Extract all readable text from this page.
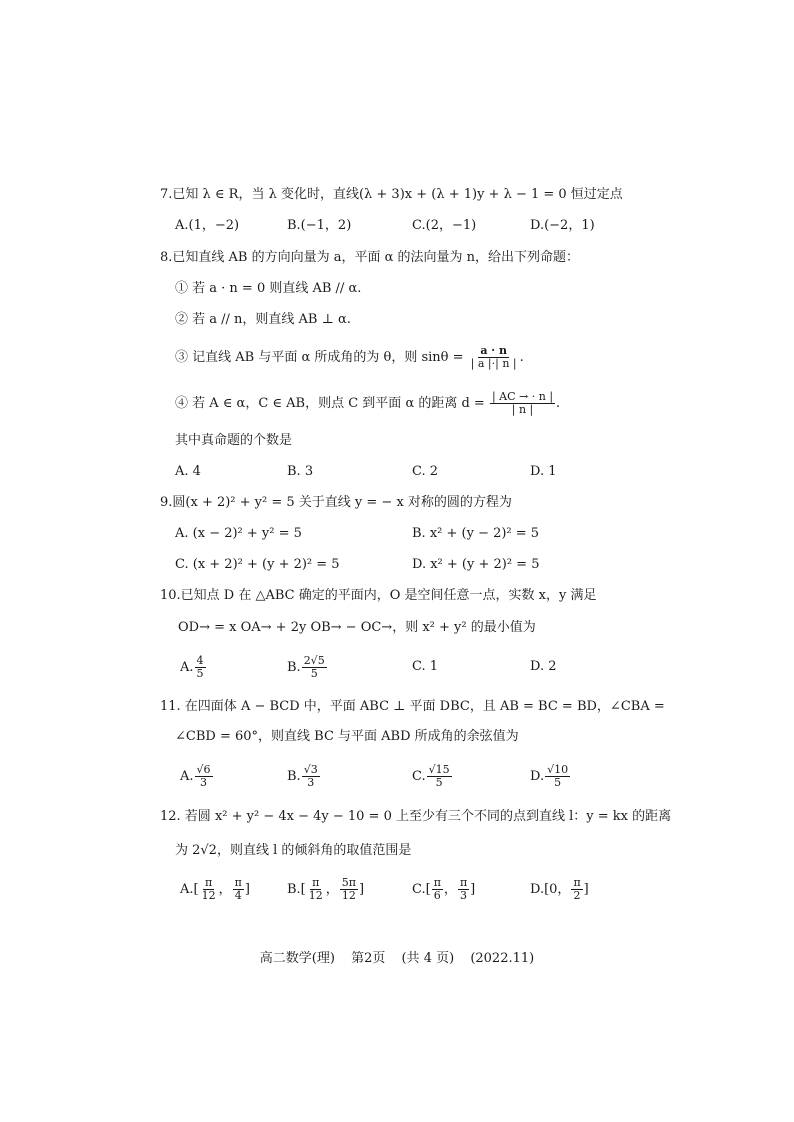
7.已知 λ ∈ R，当 λ 变化时，直线(λ + 3)x + (λ + 1)y + λ − 1 = 0 恒过定点
A.(1，−2)	B.(−1，2)	C.(2，−1)	D.(−2，1)
8.已知直线 AB 的方向向量为 a，平面 α 的法向量为 n，给出下列命题：
① 若 a · n = 0 则直线 AB // α.
② 若 a // n，则直线 AB ⊥ α.
③ 记直线 AB 与平面 α 所成角的为 θ，则 $\sin\theta = \frac{a \cdot n}{| a |\cdot| n |}$ .
④ 若 A ∈ α，C ∈ AB，则点 C 到平面 α 的距离 $d = \frac{| AC \to \cdot n |}{| n |}$ .
其中真命题的个数是
A. 4	B. 3	C. 2	D. 1
9.圆(x + 2)² + y² = 5 关于直线 y = − x 对称的圆的方程为
A. (x − 2)² + y² = 5	B. x² + (y − 2)² = 5
C. (x + 2)² + (y + 2)² = 5	D. x² + (y + 2)² = 5
10.已知点 D 在 △ABC 确定的平面内，O 是空间任意一点，实数 x，y 满足
OD→ = x OA→ + 2y OB→ − OC→，则 x² + y² 的最小值为
A. $\frac{4}{5}$	B. $\frac{2√5}{5}$	C. 1	D. 2
11. 在四面体 A − BCD 中，平面 ABC ⊥ 平面 DBC，且 AB = BC = BD，∠CBA =
∠CBD = 60°，则直线 BC 与平面 ABD 所成角的余弦值为
A. $\frac{√6}{3}$	B. $\frac{√3}{3}$	C. $\frac{√15}{5}$	D. $\frac{√10}{5}$
12. 若圆 x² + y² − 4x − 4y − 10 = 0 上至少有三个不同的点到直线 l：y = kx 的距离
为 2√2，则直线 l 的倾斜角的取值范围是
$A.[ \frac{\pi}{12}$ ， $\frac{\pi}{4}$ ]	$B.[ \frac{\pi}{12}$ ， $\frac{5\pi}{12}$ ]	$C.[ \frac{\pi}{6}$ ， $\frac{\pi}{3}$ ]	D.[0， $\frac{\pi}{2}$ ]
高二数学(理) 第2页 (共 4 页) (2022.11)
